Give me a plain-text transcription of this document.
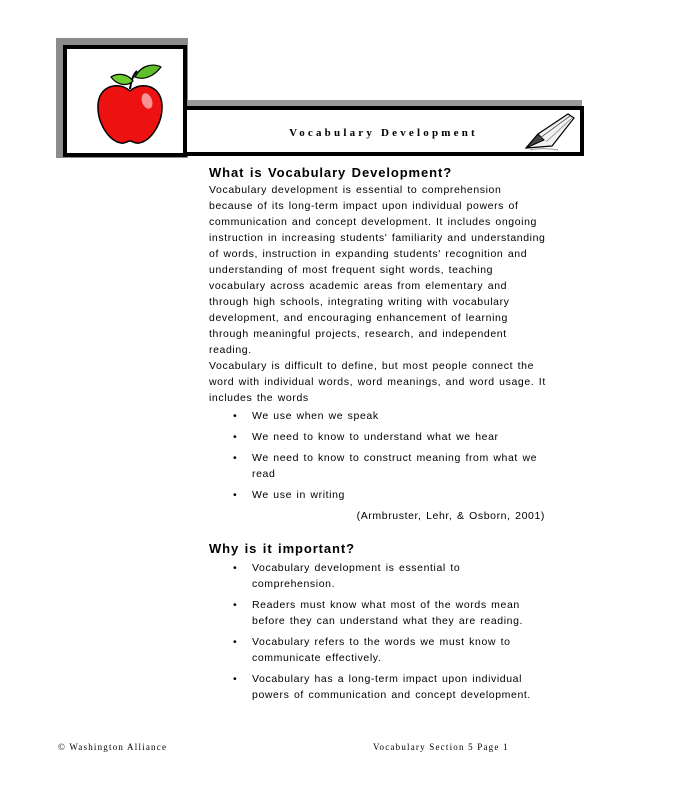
Vocabulary Development
What is Vocabulary Development?

Vocabulary development is essential to comprehension because of its long-term impact upon individual powers of communication and concept development. It includes ongoing instruction in increasing students' familiarity and understanding of words, instruction in expanding students' recognition and understanding of most frequent sight words, teaching vocabulary across academic areas from elementary and through high schools, integrating writing with vocabulary development, and encouraging enhancement of learning through meaningful projects, research, and independent reading.

Vocabulary is difficult to define, but most people connect the word with individual words, word meanings, and word usage. It includes the words

• We use when we speak
• We need to know to understand what we hear
• We need to know to construct meaning from what we read
• We use in writing

(Armbruster, Lehr, & Osborn, 2001)

Why is it important?
• Vocabulary development is essential to comprehension.
• Readers must know what most of the words mean before they can understand what they are reading.
• Vocabulary refers to the words we must know to communicate effectively.
• Vocabulary has a long-term impact upon individual powers of communication and concept development.
© Washington Alliance	Vocabulary Section 5 Page 1
